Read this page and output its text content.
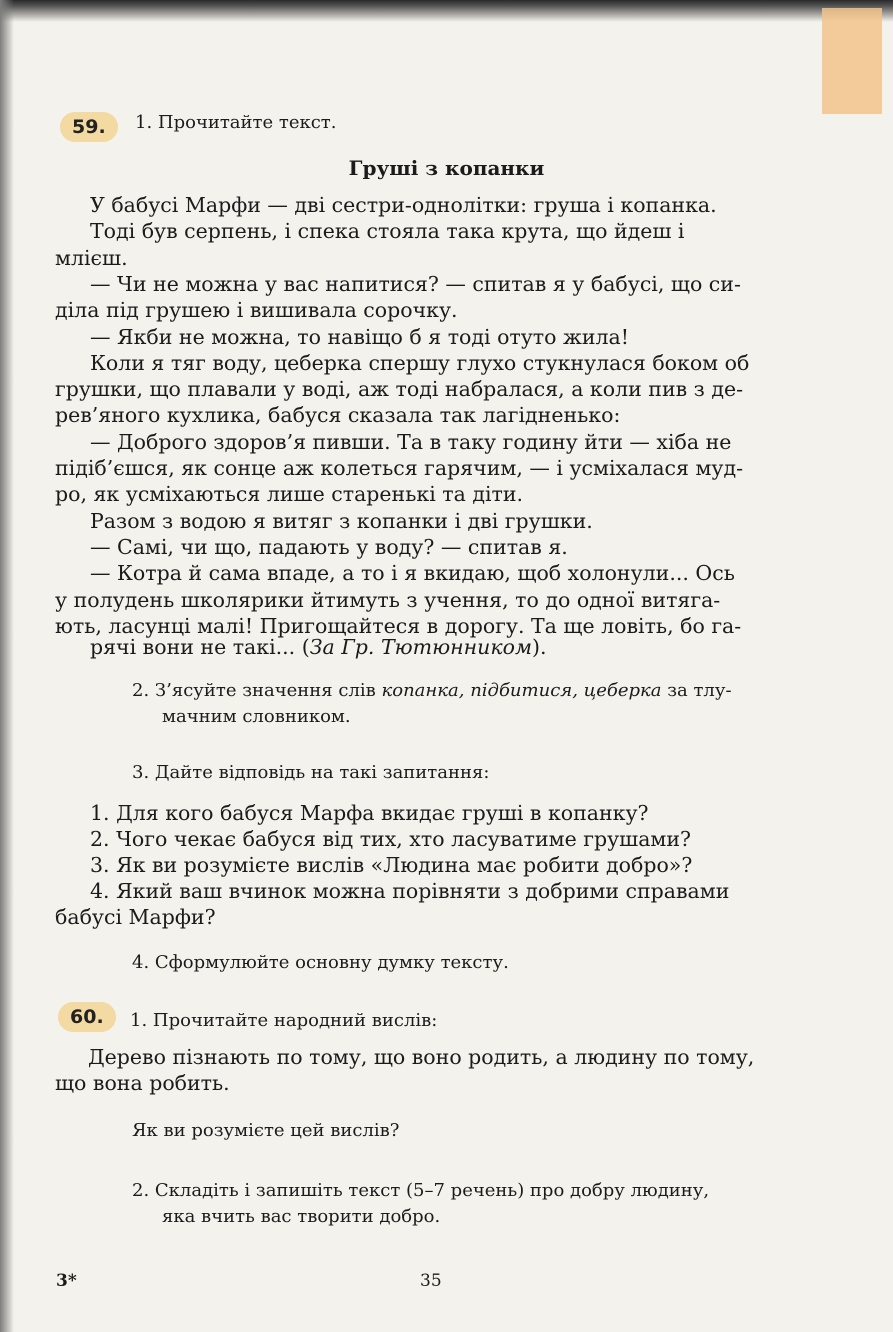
59.	1. Прочитайте текст.
Груші з копанки
У бабусі Марфи — дві сестри-однолітки: груша і копанка.
Тоді був серпень, і спека стояла така крута, що йдеш і
млієш.
— Чи не можна у вас напитися? — спитав я у бабусі, що си-
діла під грушею і вишивала сорочку.
— Якби не можна, то навіщо б я тоді отуто жила!
Коли я тяг воду, цеберка спершу глухо стукнулася боком об
грушки, що плавали у воді, аж тоді набралася, а коли пив з де-
рев’яного кухлика, бабуся сказала так лагідненько:
— Доброго здоров’я пивши. Та в таку годину йти — хіба не
підіб’єшся, як сонце аж колеться гарячим, — і усміхалася муд-
ро, як усміхаються лише старенькі та діти.
Разом з водою я витяг з копанки і дві грушки.
— Самі, чи що, падають у воду? — спитав я.
— Котра й сама впаде, а то і я вкидаю, щоб холонули... Ось
у полудень школярики йтимуть з учення, то до одної витяга-
ють, ласунці малі! Пригощайтеся в дорогу. Та ще ловіть, бо га-
рячі вони не такі... (За Гр. Тютюнником).
2. З’ясуйте значення слів копанка, підбитися, цеберка за тлу-
мачним словником.
3. Дайте відповідь на такі запитання:
1. Для кого бабуся Марфа вкидає груші в копанку?
2. Чого чекає бабуся від тих, хто ласуватиме грушами?
3. Як ви розумієте вислів «Людина має робити добро»?
4. Який ваш вчинок можна порівняти з добрими справами
бабусі Марфи?
4. Сформулюйте основну думку тексту.
60.	1. Прочитайте народний вислів:
Дерево пізнають по тому, що воно родить, а людину по тому,
що вона робить.
Як ви розумієте цей вислів?
2. Складіть і запишіть текст (5–7 речень) про добру людину,
яка вчить вас творити добро.
3*	35
